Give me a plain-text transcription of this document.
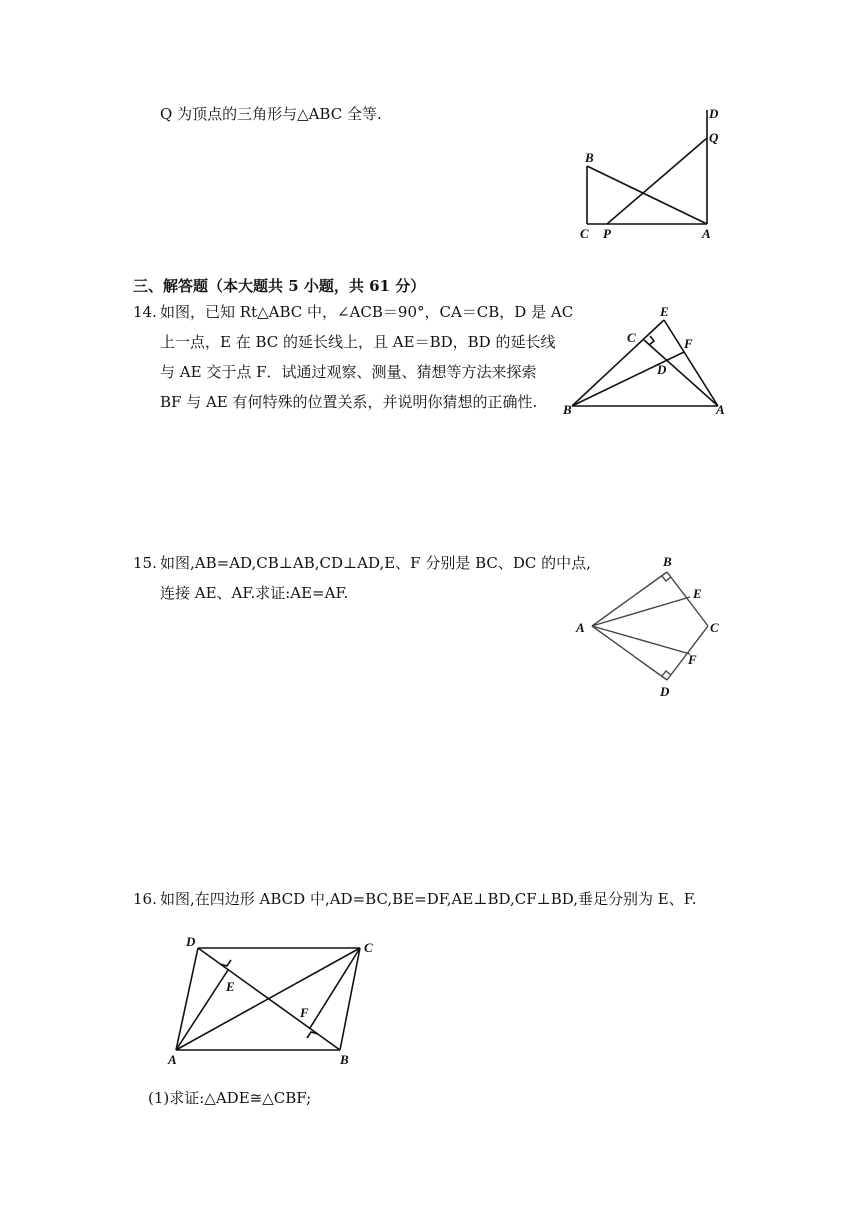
Q 为顶点的三角形与△ABC 全等.	D
Q
B
C P	A
三、解答题（本大题共 5 小题，共 61 分）
14. 如图，已知 Rt△ABC 中，∠ACB＝90°，CA＝CB，D 是 AC
上一点，E 在 BC 的延长线上，且 AE＝BD，BD 的延长线
与 AE 交于点 F．试通过观察、测量、猜想等方法来探索
BF 与 AE 有何特殊的位置关系，并说明你猜想的正确性.
E
C	F
D
B	A
15. 如图,AB=AD,CB⊥AB,CD⊥AD,E、F 分别是 BC、DC 的中点,
连接 AE、AF.求证:AE=AF.
B
E
A	C
F
D
16. 如图,在四边形 ABCD 中,AD=BC,BE=DF,AE⊥BD,CF⊥BD,垂足分别为 E、F.
D	C
E
F
A	B
(1)求证:△ADE≅△CBF;
